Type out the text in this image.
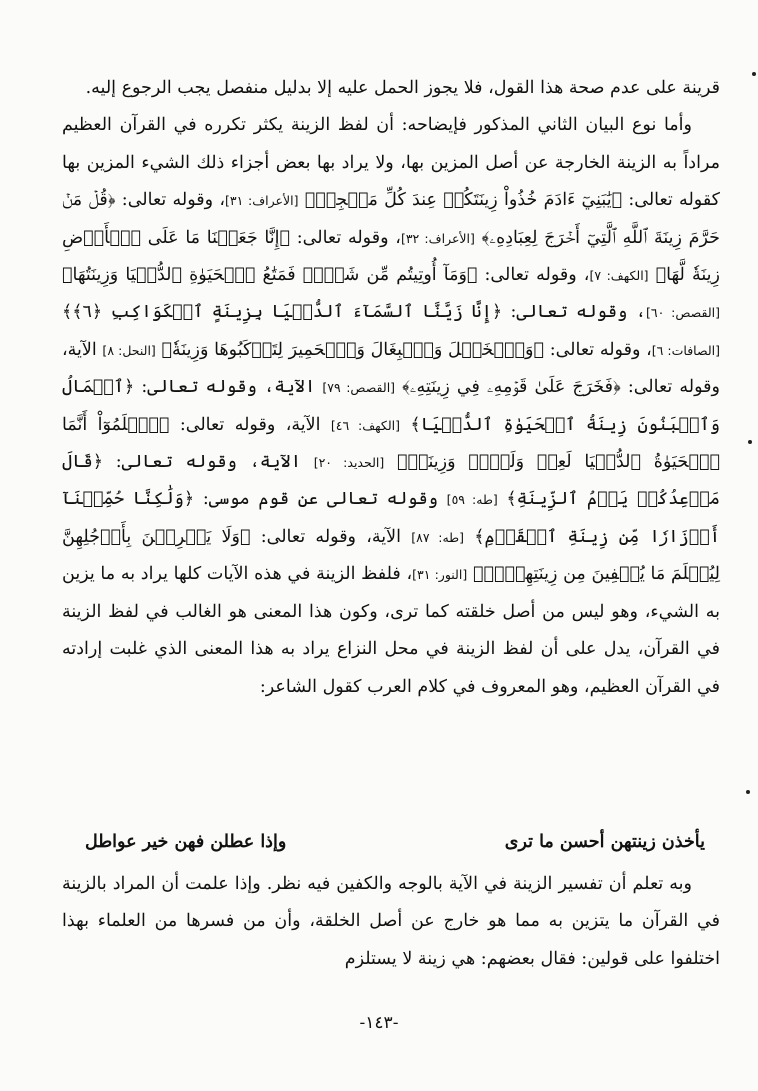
قرينة على عدم صحة هذا القول، فلا يجوز الحمل عليه إلا بدليل منفصل يجب الرجوع إليه.

وأما نوع البيان الثاني المذكور فإيضاحه: أن لفظ الزينة يكثر تكرره في القرآن العظيم مراداً به الزينة الخارجة عن أصل المزين بها، ولا يراد بها بعض أجزاء ذلك الشيء المزين بها كقوله تعالى: ﴿يَٰبَنِيٓ ءَادَمَ خُذُواْ زِينَتَكُمۡ عِندَ كُلِّ مَسۡجِدٖ﴾ [الأعراف: ٣١]، وقوله تعالى: ﴿قُلۡ مَنۡ حَرَّمَ زِينَةَ ٱللَّهِ ٱلَّتِيٓ أَخۡرَجَ لِعِبَادِهِۦ﴾ [الأعراف: ٣٢]، وقوله تعالى: ﴿إِنَّا جَعَلۡنَا مَا عَلَى ٱلۡأَرۡضِ زِينَةٗ لَّهَا﴾ [الكهف: ٧]، وقوله تعالى: ﴿وَمَآ أُوتِيتُم مِّن شَيۡءٖ فَمَتَٰعُ ٱلۡحَيَوٰةِ ٱلدُّنۡيَا وَزِينَتُهَا﴾ [القصص: ٦٠]، وقوله تعالى: ﴿إِنَّا زَيَّنَّا ٱلسَّمَآءَ ٱلدُّنۡيَا بِزِينَةٍ ٱلۡكَوَاكِبِ ﴿٦﴾﴾ [الصافات: ٦]، وقوله تعالى: ﴿وَٱلۡخَيۡلَ وَٱلۡبِغَالَ وَٱلۡحَمِيرَ لِتَرۡكَبُوهَا وَزِينَةٗ﴾ [النحل: ٨] الآية، وقوله تعالى: ﴿فَخَرَجَ عَلَىٰ قَوۡمِهِۦ فِي زِينَتِهِۦ﴾ [القصص: ٧٩] الآية، وقوله تعالى: ﴿ٱلۡمَالُ وَٱلۡبَنُونَ زِينَةُ ٱلۡحَيَوٰةِ ٱلدُّنۡيَا﴾ [الكهف: ٤٦] الآية، وقوله تعالى: ﴿ٱعۡلَمُوٓاْ أَنَّمَا ٱلۡحَيَوٰةُ ٱلدُّنۡيَا لَعِبٞ وَلَهۡوٞ وَزِينَةٞ﴾ [الحديد: ٢٠] الآية، وقوله تعالى: ﴿قَالَ مَوۡعِدُكُمۡ يَوۡمُ ٱلزِّينَةِ﴾ [طه: ٥٩] وقوله تعالى عن قوم موسى: ﴿وَلَٰكِنَّا حُمِّلۡنَآ أَوۡزَارٗا مِّن زِينَةِ ٱلۡقَوۡمِ﴾ [طه: ٨٧] الآية، وقوله تعالى: ﴿وَلَا يَضۡرِبۡنَ بِأَرۡجُلِهِنَّ لِيُعۡلَمَ مَا يُخۡفِينَ مِن زِينَتِهِنَّۚ﴾ [النور: ٣١]، فلفظ الزينة في هذه الآيات كلها يراد به ما يزين به الشيء، وهو ليس من أصل خلقته كما ترى، وكون هذا المعنى هو الغالب في لفظ الزينة في القرآن، يدل على أن لفظ الزينة في محل النزاع يراد به هذا المعنى الذي غلبت إرادته في القرآن العظيم، وهو المعروف في كلام العرب كقول الشاعر:

يأخذن زينتهن أحسن ما ترى
وإذا عطلن فهن خير عواطل

وبه تعلم أن تفسير الزينة في الآية بالوجه والكفين فيه نظر. وإذا علمت أن المراد بالزينة في القرآن ما يتزين به مما هو خارج عن أصل الخلقة، وأن من فسرها من العلماء بهذا اختلفوا على قولين: فقال بعضهم: هي زينة لا يستلزم

-١٤٣-
